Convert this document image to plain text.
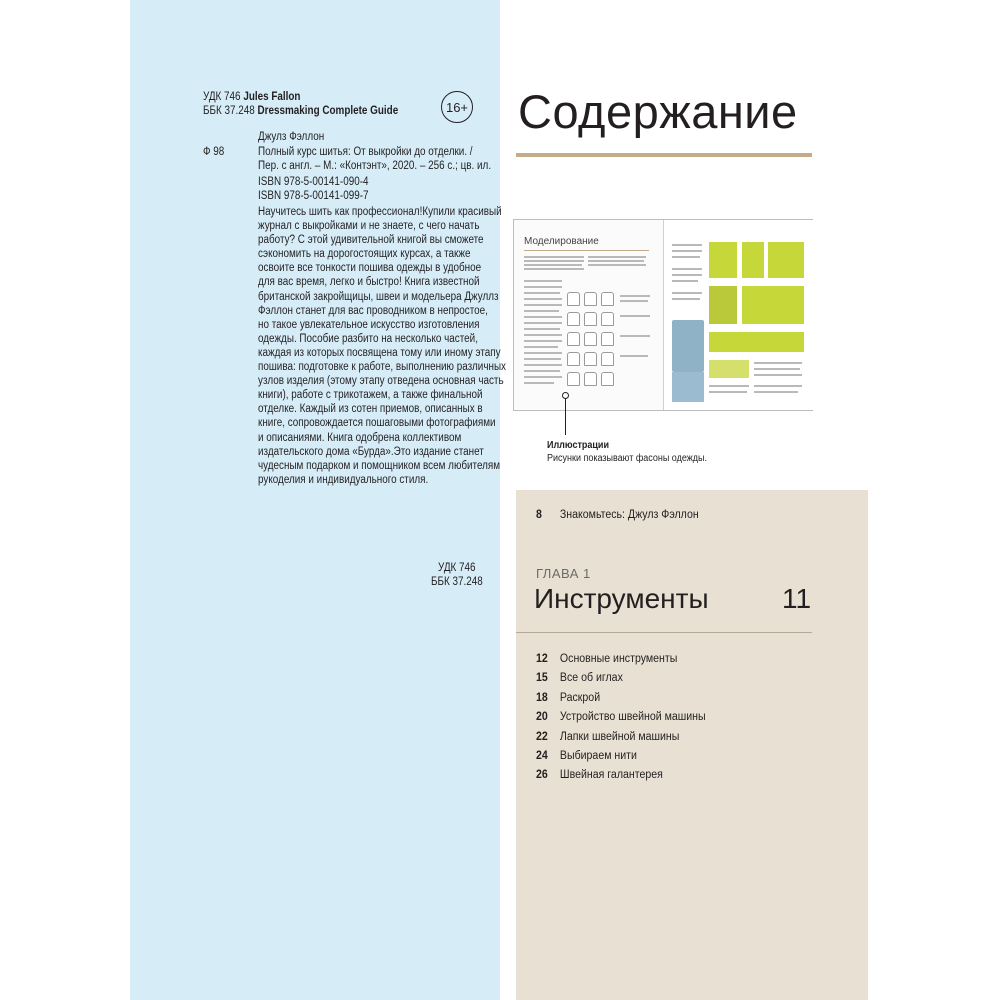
УДК 746 Jules Fallon
ББК 37.248 Dressmaking Complete Guide	16+
Ф 98
Джулз Фэллон
Полный курс шитья: От выкройки до отделки. /
Пер. с англ. – М.: «Контэнт», 2020. – 256 с.; цв. ил.
ISBN 978-5-00141-090-4
ISBN 978-5-00141-099-7
Научитесь шить как профессионал!Купили красивый
журнал с выкройками и не знаете, с чего начать
работу? С этой удивительной книгой вы сможете
сэкономить на дорогостоящих курсах, а также
освоите все тонкости пошива одежды в удобное
для вас время, легко и быстро! Книга известной
британской закройщицы, швеи и модельера Джуллз
Фэллон станет для вас проводником в непростое,
но такое увлекательное искусство изготовления
одежды. Пособие разбито на несколько частей,
каждая из которых посвящена тому или иному этапу
пошива: подготовке к работе, выполнению различных
узлов изделия (этому этапу отведена основная часть
книги), работе с трикотажем, а также финальной
отделке. Каждый из сотен приемов, описанных в
книге, сопровождается пошаговыми фотографиями
и описаниями. Книга одобрена коллективом
издательского дома «Бурда».Это издание станет
чудесным подарком и помощником всем любителям
рукоделия и индивидуального стиля.
УДК 746
ББК 37.248
Содержание
Моделирование
Иллюстрации
Рисунки показывают фасоны одежды.
8 Знакомьтесь: Джулз Фэллон
ГЛАВА 1
Инструменты	11
12 Основные инструменты
15 Все об иглах
18 Раскрой
20 Устройство швейной машины
22 Лапки швейной машины
24 Выбираем нити
26 Швейная галантерея
